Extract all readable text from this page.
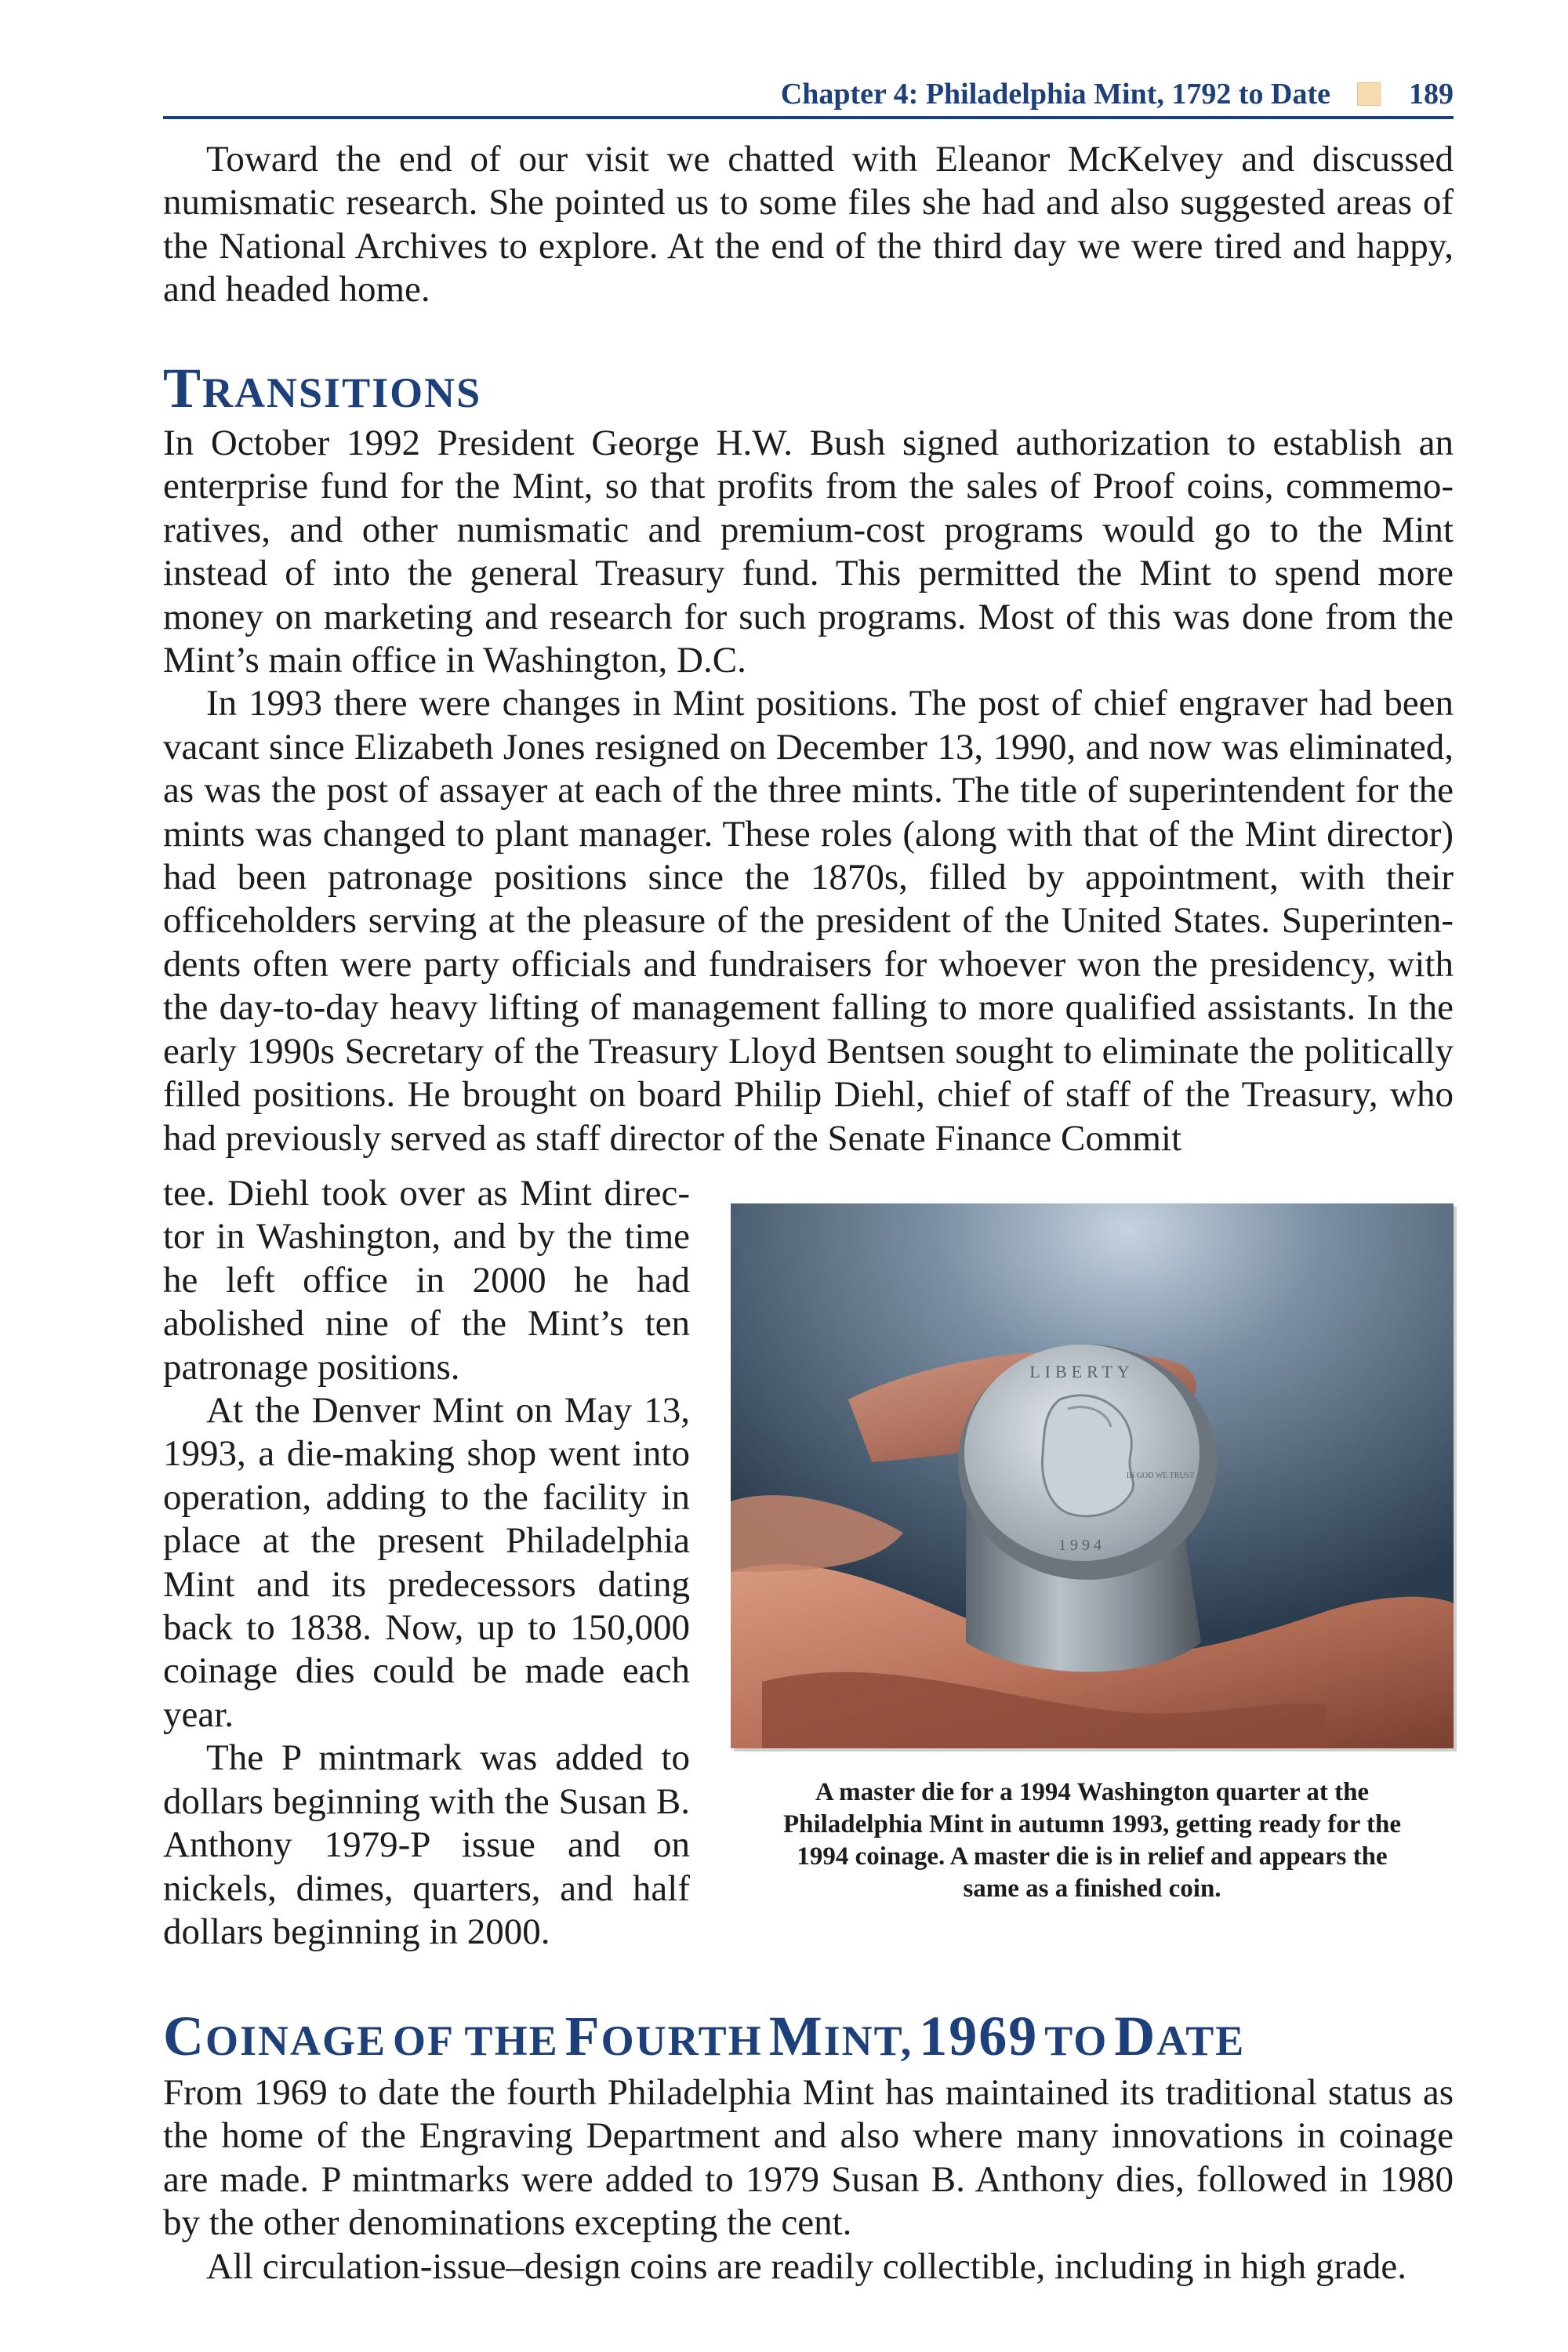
Chapter 4: Philadelphia Mint, 1792 to Date	189

Toward the end of our visit we chatted with Eleanor McKelvey and discussed numismatic research. She pointed us to some files she had and also suggested areas of the National Archives to explore. At the end of the third day we were tired and happy, and headed home.

TRANSITIONS

In October 1992 President George H.W. Bush signed authorization to establish an enterprise fund for the Mint, so that profits from the sales of Proof coins, commemoratives, and other numismatic and premium-cost programs would go to the Mint instead of into the general Treasury fund. This permitted the Mint to spend more money on marketing and research for such programs. Most of this was done from the Mint’s main office in Washington, D.C.

In 1993 there were changes in Mint positions. The post of chief engraver had been vacant since Elizabeth Jones resigned on December 13, 1990, and now was eliminated, as was the post of assayer at each of the three mints. The title of superintendent for the mints was changed to plant manager. These roles (along with that of the Mint director) had been patronage positions since the 1870s, filled by appointment, with their officeholders serving at the pleasure of the president of the United States. Superintendents often were party officials and fundraisers for whoever won the presidency, with the day-to-day heavy lifting of management falling to more qualified assistants. In the early 1990s Secretary of the Treasury Lloyd Bentsen sought to eliminate the politically filled positions. He brought on board Philip Diehl, chief of staff of the Treasury, who had previously served as staff director of the Senate Finance Commit

tee. Diehl took over as Mint director in Washington, and by the time he left office in 2000 he had abolished nine of the Mint’s ten patronage positions.

At the Denver Mint on May 13, 1993, a die-making shop went into operation, adding to the facility in place at the present Philadelphia Mint and its predecessors dating back to 1838. Now, up to 150,000 coinage dies could be made each year.

The P mintmark was added to dollars beginning with the Susan B. Anthony 1979-P issue and on nickels, dimes, quarters, and half dollars beginning in 2000.

LIBERTY
1994
IN GOD WE TRUST
A master die for a 1994 Washington quarter at the Philadelphia Mint in autumn 1993, getting ready for the 1994 coinage. A master die is in relief and appears the same as a finished coin.
COINAGE OF THE FOURTH MINT, 1969 TO DATE

From 1969 to date the fourth Philadelphia Mint has maintained its traditional status as the home of the Engraving Department and also where many innovations in coinage are made. P mintmarks were added to 1979 Susan B. Anthony dies, followed in 1980 by the other denominations excepting the cent.

All circulation-issue–design coins are readily collectible, including in high grade.
